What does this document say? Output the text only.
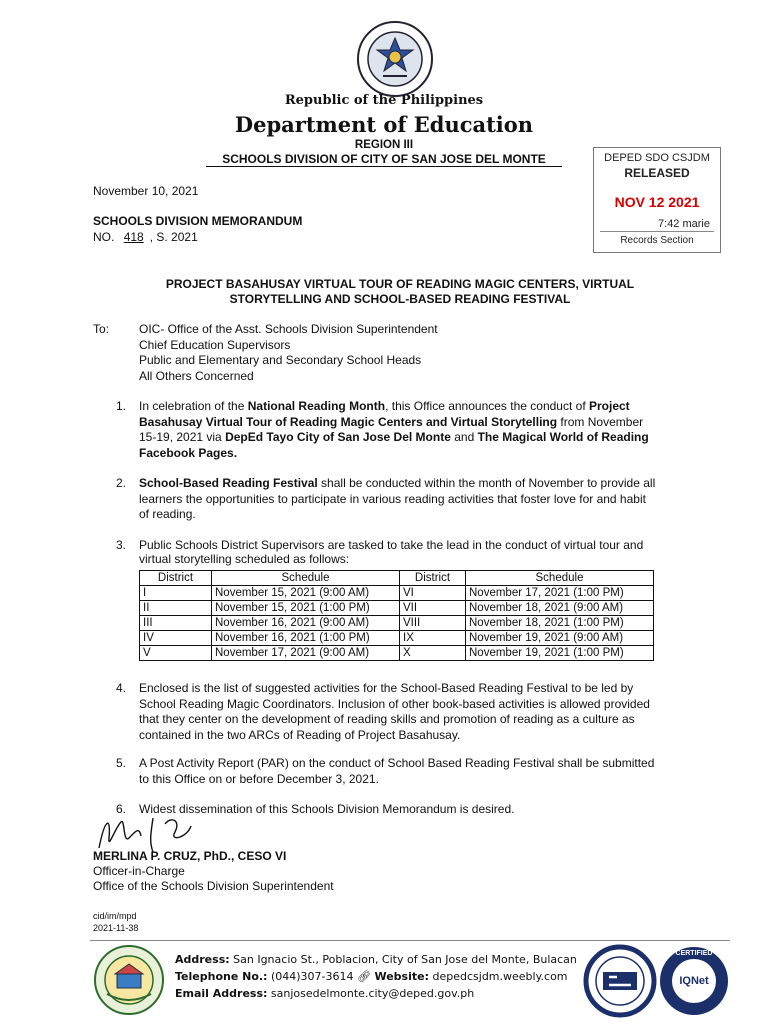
Republic of the Philippines
Department of Education
REGION III
SCHOOLS DIVISION OF CITY OF SAN JOSE DEL MONTE	DEPED SDO CSJDM
RELEASED
NOV 12 2021
7:42 marie
Records Section
November 10, 2021
SCHOOLS DIVISION MEMORANDUM
NO. 418 , S. 2021
PROJECT BASAHUSAY VIRTUAL TOUR OF READING MAGIC CENTERS, VIRTUAL
STORYTELLING AND SCHOOL-BASED READING FESTIVAL
To: OIC- Office of the Asst. Schools Division Superintendent
Chief Education Supervisors
Public and Elementary and Secondary School Heads
All Others Concerned
1.	In celebration of the National Reading Month, this Office announces the conduct of Project Basahusay Virtual Tour of Reading Magic Centers and Virtual Storytelling from November 15-19, 2021 via DepEd Tayo City of San Jose Del Monte and The Magical World of Reading Facebook Pages.
2.	School-Based Reading Festival shall be conducted within the month of November to provide all learners the opportunities to participate in various reading activities that foster love for and habit of reading.
3.	Public Schools District Supervisors are tasked to take the lead in the conduct of virtual tour and virtual storytelling scheduled as follows:
District	Schedule	District	Schedule
I	November 15, 2021 (9:00 AM)	VI	November 17, 2021 (1:00 PM)
II	November 15, 2021 (1:00 PM)	VII	November 18, 2021 (9:00 AM)
III	November 16, 2021 (9:00 AM)	VIII	November 18, 2021 (1:00 PM)
IV	November 16, 2021 (1:00 PM)	IX	November 19, 2021 (9:00 AM)
V	November 17, 2021 (9:00 AM)	X	November 19, 2021 (1:00 PM)
4.	Enclosed is the list of suggested activities for the School-Based Reading Festival to be led by School Reading Magic Coordinators. Inclusion of other book-based activities is allowed provided that they center on the development of reading skills and promotion of reading as a culture as contained in the two ARCs of Reading of Project Basahusay.
5.	A Post Activity Report (PAR) on the conduct of School Based Reading Festival shall be submitted to this Office on or before December 3, 2021.
6.	Widest dissemination of this Schools Division Memorandum is desired.
MERLINA P. CRUZ, PhD., CESO VI
Officer-in-Charge
Office of the Schools Division Superintendent
cid/im/mpd
2021-11-38
Address: San Ignacio St., Poblacion, City of San Jose del Monte, Bulacan
Telephone No.: (044)307-3614 🔗︎ Website: depedcsjdm.weebly.com
Email Address: sanjosedelmonte.city@deped.gov.ph
CERTIFIED
IQNet
